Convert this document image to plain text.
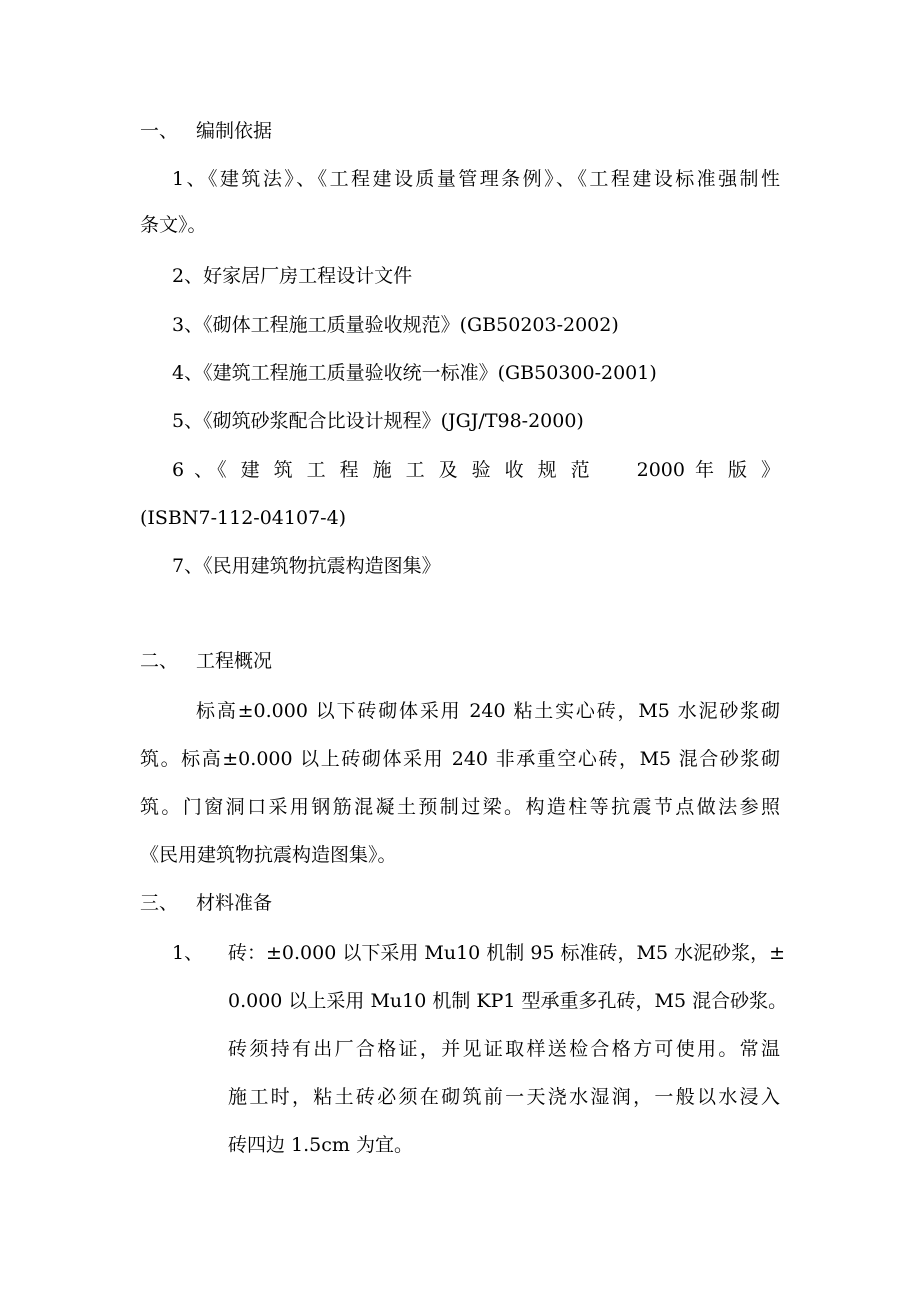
一、 编制依据
1、《建筑法》、《工程建设质量管理条例》、《工程建设标准强制性
条文》。
2、好家居厂房工程设计文件
3、《砌体工程施工质量验收规范》(GB50203-2002)
4、《建筑工程施工质量验收统一标准》(GB50300-2001)
5、《砌筑砂浆配合比设计规程》(JGJ/T98-2000)
6 、《 建 筑 工 程 施 工 及 验 收 规 范 　 2000 年 版 》
(ISBN7-112-04107-4)
7、《民用建筑物抗震构造图集》
二、 工程概况
标高±0.000 以下砖砌体采用 240 粘土实心砖，M5 水泥砂浆砌
筑。标高±0.000 以上砖砌体采用 240 非承重空心砖，M5 混合砂浆砌
筑。门窗洞口采用钢筋混凝土预制过梁。构造柱等抗震节点做法参照
《民用建筑物抗震构造图集》。
三、 材料准备
1、 砖：±0.000 以下采用 Mu10 机制 95 标准砖，M5 水泥砂浆，±
0.000 以上采用 Mu10 机制 KP1 型承重多孔砖，M5 混合砂浆。
砖须持有出厂合格证，并见证取样送检合格方可使用。常温
施工时，粘土砖必须在砌筑前一天浇水湿润，一般以水浸入
砖四边 1.5cm 为宜。
